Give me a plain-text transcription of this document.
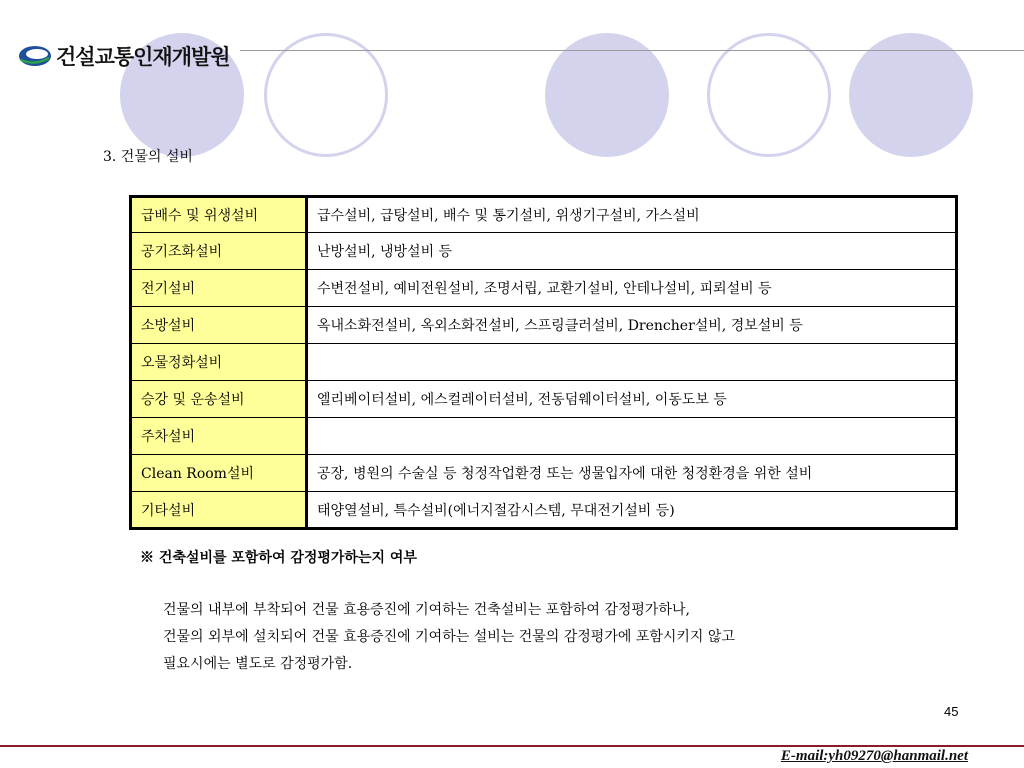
건설교통인재개발원
3. 건물의 설비
급배수 및 위생설비	급수설비, 급탕설비, 배수 및 통기설비, 위생기구설비, 가스설비
공기조화설비	난방설비, 냉방설비 등
전기설비	수변전설비, 예비전원설비, 조명서립, 교환기설비, 안테나설비, 피뢰설비 등
소방설비	옥내소화전설비, 옥외소화전설비, 스프링클러설비, Drencher설비, 경보설비 등
오물정화설비	
승강 및 운송설비	엘리베이터설비, 에스컬레이터설비, 전동덤웨이터설비, 이동도보 등
주차설비	
Clean Room설비	공장, 병원의 수술실 등 청정작업환경 또는 생물입자에 대한 청정환경을 위한 설비
기타설비	태양열설비, 특수설비(에너지절감시스템, 무대전기설비 등)
※ 건축설비를 포함하여 감정평가하는지 여부
건물의 내부에 부착되어 건물 효용증진에 기여하는 건축설비는 포함하여 감정평가하나,
건물의 외부에 설치되어 건물 효용증진에 기여하는 설비는 건물의 감정평가에 포함시키지 않고
필요시에는 별도로 감정평가함.
45
E-mail:yh09270@hanmail.net
